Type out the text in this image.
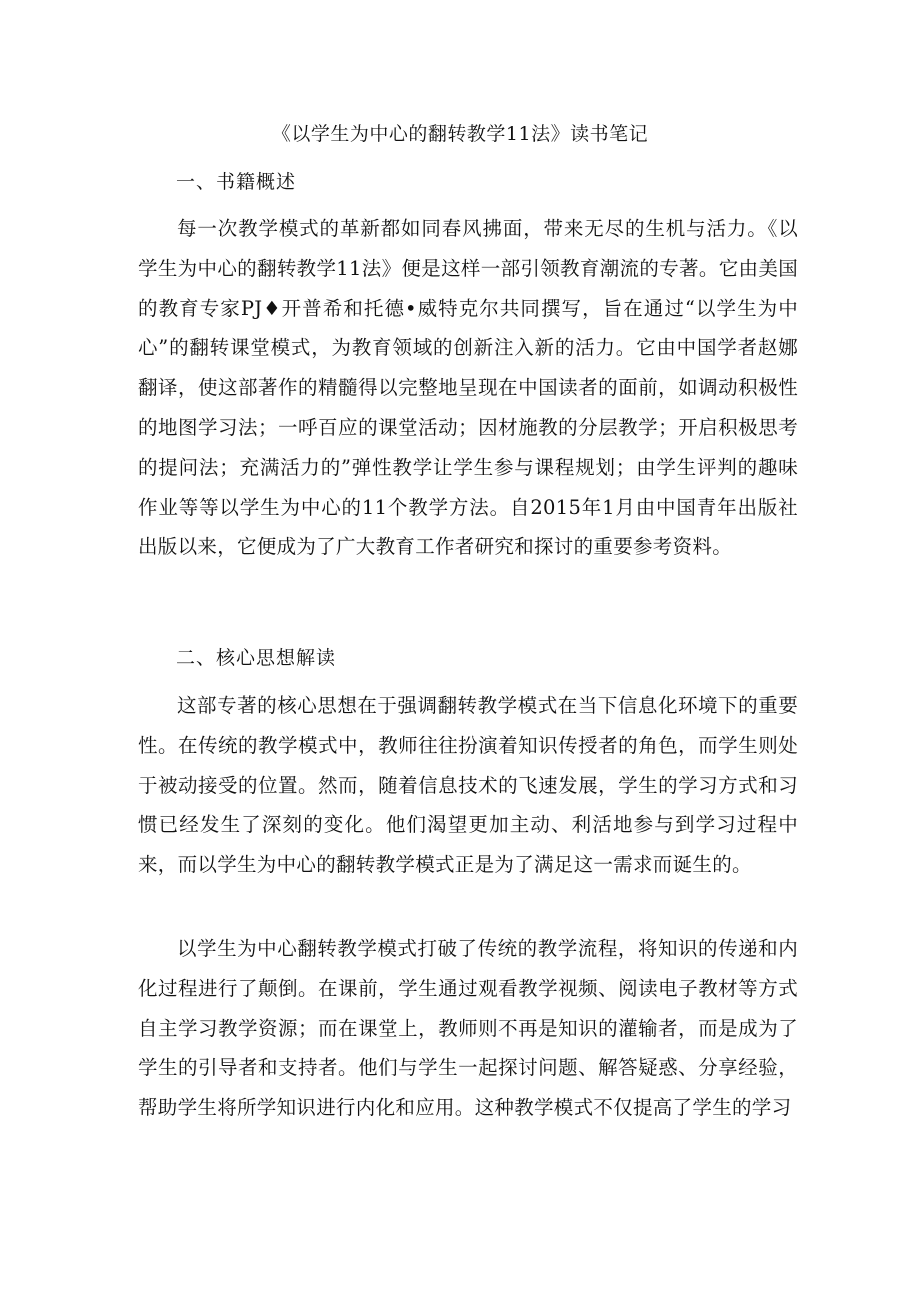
《以学生为中心的翻转教学11法》读书笔记
一、书籍概述

每一次教学模式的革新都如同春风拂面，带来无尽的生机与活力。《以学生为中心的翻转教学11法》便是这样一部引领教育潮流的专著。它由美国的教育专家PJ♦开普希和托德•威特克尔共同撰写，旨在通过“以学生为中心”的翻转课堂模式，为教育领域的创新注入新的活力。它由中国学者赵娜翻译，使这部著作的精髓得以完整地呈现在中国读者的面前，如调动积极性的地图学习法；一呼百应的课堂活动；因材施教的分层教学；开启积极思考的提问法；充满活力的”弹性教学让学生参与课程规划；由学生评判的趣味作业等等以学生为中心的11个教学方法。自2015年1月由中国青年出版社出版以来，它便成为了广大教育工作者研究和探讨的重要参考资料。

二、核心思想解读

这部专著的核心思想在于强调翻转教学模式在当下信息化环境下的重要性。在传统的教学模式中，教师往往扮演着知识传授者的角色，而学生则处于被动接受的位置。然而，随着信息技术的飞速发展，学生的学习方式和习惯已经发生了深刻的变化。他们渴望更加主动、利活地参与到学习过程中来，而以学生为中心的翻转教学模式正是为了满足这一需求而诞生的。

以学生为中心翻转教学模式打破了传统的教学流程，将知识的传递和内化过程进行了颠倒。在课前，学生通过观看教学视频、阅读电子教材等方式自主学习教学资源；而在课堂上，教师则不再是知识的灌输者，而是成为了学生的引导者和支持者。他们与学生一起探讨问题、解答疑惑、分享经验，帮助学生将所学知识进行内化和应用。这种教学模式不仅提高了学生的学习
